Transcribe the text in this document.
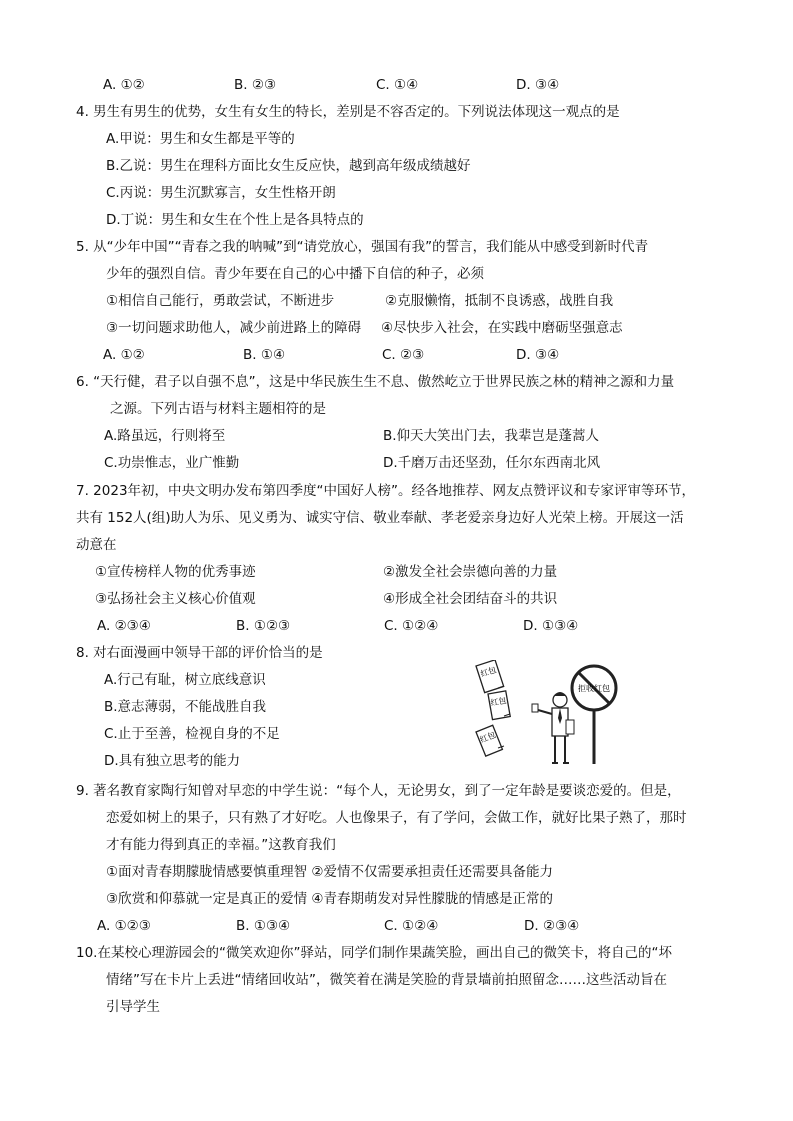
A. ①②	B. ②③	C. ①④	D. ③④
4. 男生有男生的优势，女生有女生的特长，差别是不容否定的。下列说法体现这一观点的是
A.甲说：男生和女生都是平等的
B.乙说：男生在理科方面比女生反应快，越到高年级成绩越好
C.丙说：男生沉默寡言，女生性格开朗
D.丁说：男生和女生在个性上是各具特点的
5. 从“少年中国”“青春之我的呐喊”到“请党放心，强国有我”的誓言，我们能从中感受到新时代青
少年的强烈自信。青少年要在自己的心中播下自信的种子，必须
①相信自己能行，勇敢尝试，不断进步	②克服懒惰，抵制不良诱惑，战胜自我
③一切问题求助他人，减少前进路上的障碍 ④尽快步入社会，在实践中磨砺坚强意志
A. ①②	B. ①④	C. ②③	D. ③④
6. “天行健，君子以自强不息”，这是中华民族生生不息、傲然屹立于世界民族之林的精神之源和力量
之源。下列古语与材料主题相符的是
A.路虽远，行则将至	B.仰天大笑出门去，我辈岂是蓬蒿人
C.功崇惟志，业广惟勤	D.千磨万击还坚劲，任尔东西南北风
7. 2023年初，中央文明办发布第四季度“中国好人榜”。经各地推荐、网友点赞评议和专家评审等环节，
共有 152人(组)助人为乐、见义勇为、诚实守信、敬业奉献、孝老爱亲身边好人光荣上榜。开展这一活
动意在
①宣传榜样人物的优秀事迹	②激发全社会崇德向善的力量
③弘扬社会主义核心价值观	④形成全社会团结奋斗的共识
A. ②③④	B. ①②③	C. ①②④	D. ①③④
8. 对右面漫画中领导干部的评价恰当的是
A.行己有耻，树立底线意识
B.意志薄弱，不能战胜自我
C.止于至善，检视自身的不足
D.具有独立思考的能力
红包
红包
红包
拒收红包
9. 著名教育家陶行知曾对早恋的中学生说：“每个人，无论男女，到了一定年龄是要谈恋爱的。但是，
恋爱如树上的果子，只有熟了才好吃。人也像果子，有了学问，会做工作，就好比果子熟了，那时
才有能力得到真正的幸福。”这教育我们
①面对青春期朦胧情感要慎重理智 ②爱情不仅需要承担责任还需要具备能力
③欣赏和仰慕就一定是真正的爱情 ④青春期萌发对异性朦胧的情感是正常的
A. ①②③	B. ①③④	C. ①②④	D. ②③④
10.在某校心理游园会的“微笑欢迎你”驿站，同学们制作果蔬笑脸，画出自己的微笑卡，将自己的“坏
情绪”写在卡片上丢进“情绪回收站”，微笑着在满是笑脸的背景墙前拍照留念……这些活动旨在
引导学生
